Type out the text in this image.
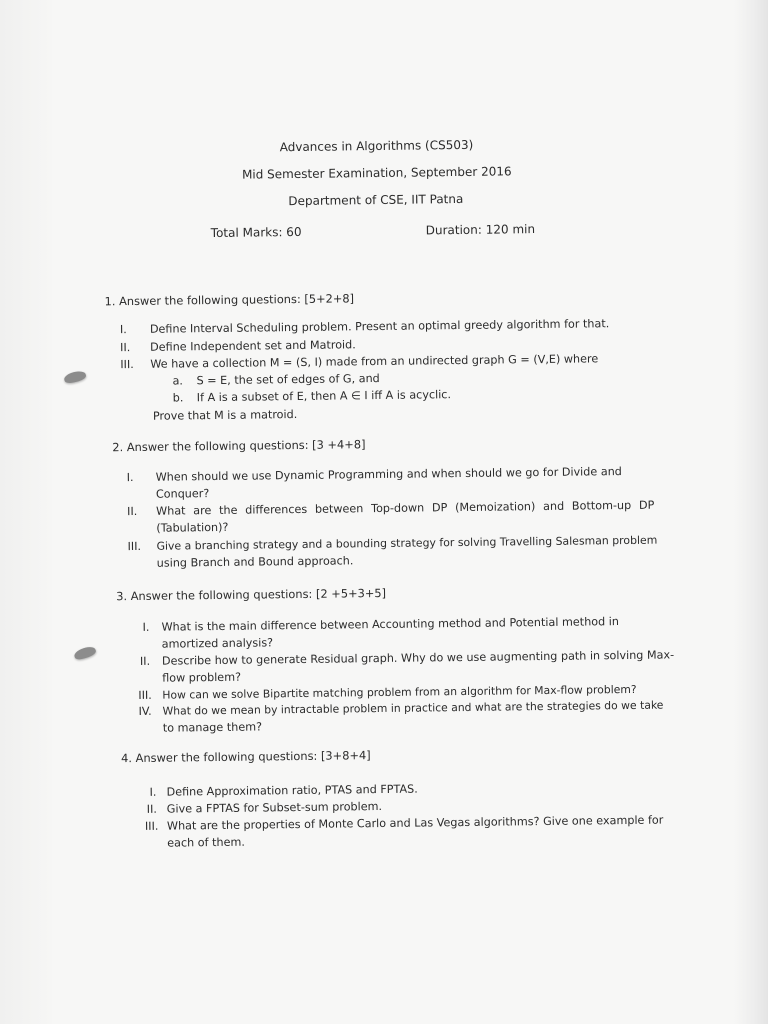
Advances in Algorithms (CS503)
Mid Semester Examination, September 2016
Department of CSE, IIT Patna
Total Marks: 60	Duration: 120 min
1. Answer the following questions: [5+2+8]
I.	Define Interval Scheduling problem. Present an optimal greedy algorithm for that.
II.	Define Independent set and Matroid.
III.	We have a collection M = (S, I) made from an undirected graph G = (V,E) where
a.	S = E, the set of edges of G, and
b.	If A is a subset of E, then A ∈ I iff A is acyclic.
Prove that M is a matroid.
2. Answer the following questions: [3 +4+8]
I.	When should we use Dynamic Programming and when should we go for Divide and
Conquer?
II.	What are the differences between Top-down DP (Memoization) and Bottom-up DP
(Tabulation)?
III.	Give a branching strategy and a bounding strategy for solving Travelling Salesman problem
using Branch and Bound approach.
3. Answer the following questions: [2 +5+3+5]
I.	What is the main difference between Accounting method and Potential method in
amortized analysis?
II.	Describe how to generate Residual graph. Why do we use augmenting path in solving Max-
flow problem?
III. How can we solve Bipartite matching problem from an algorithm for Max-flow problem?
IV. What do we mean by intractable problem in practice and what are the strategies do we take
to manage them?
4. Answer the following questions: [3+8+4]
I. Define Approximation ratio, PTAS and FPTAS.
II. Give a FPTAS for Subset-sum problem.
III. What are the properties of Monte Carlo and Las Vegas algorithms? Give one example for
each of them.
